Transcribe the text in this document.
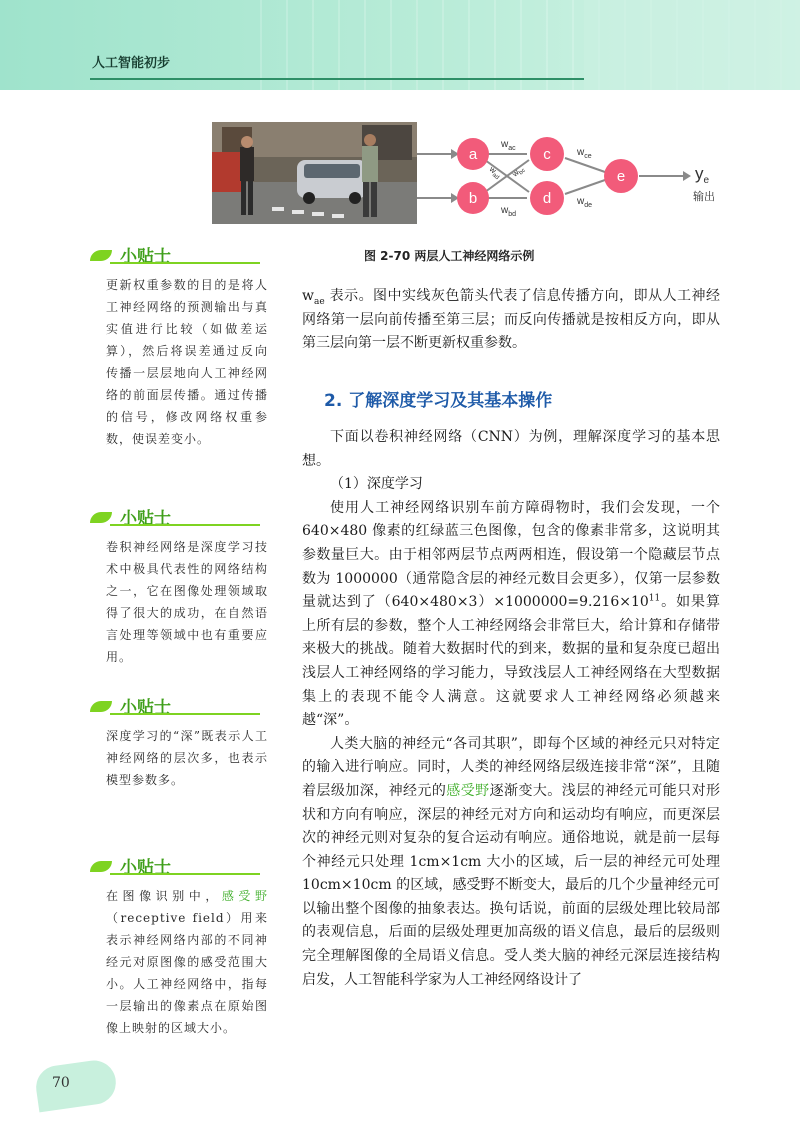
人工智能初步
a
b
c
d
e
$w_{ac}$
$w_{bd}$
$w_{ad}$	$w_{bc}$
$w_{ce}$
$w_{de}$
$y_e$
输出
图 2-70 两层人工神经网络示例
小贴士
更新权重参数的目的是将人工神经网络的预测输出与真实值进行比较（如做差运算），然后将误差通过反向传播一层层地向人工神经网络的前面层传播。通过传播的信号，修改网络权重参数，使误差变小。
小贴士
卷积神经网络是深度学习技术中极具代表性的网络结构之一，它在图像处理领域取得了很大的成功，在自然语言处理等领域中也有重要应用。
小贴士
深度学习的“深”既表示人工神经网络的层次多，也表示模型参数多。
小贴士
在图像识别中，感受野（receptive field）用来表示神经网络内部的不同神经元对原图像的感受范围大小。人工神经网络中，指每一层输出的像素点在原始图像上映射的区域大小。

$w_{ae}$ 表示。图中实线灰色箭头代表了信息传播方向，即从人工神经网络第一层向前传播至第三层；而反向传播就是按相反方向，即从第三层向第一层不断更新权重参数。

2. 了解深度学习及其基本操作

下面以卷积神经网络（CNN）为例，理解深度学习的基本思想。

（1）深度学习

使用人工神经网络识别车前方障碍物时，我们会发现，一个 640×480 像素的红绿蓝三色图像，包含的像素非常多，这说明其参数量巨大。由于相邻两层节点两两相连，假设第一个隐藏层节点数为 1000000（通常隐含层的神经元数目会更多），仅第一层参数量就达到了$(640\times 480\times 3)\times 1000000=9.216\times 10^{11}$。如果算上所有层的参数，整个人工神经网络会非常巨大，给计算和存储带来极大的挑战。随着大数据时代的到来，数据的量和复杂度已超出浅层人工神经网络的学习能力，导致浅层人工神经网络在大型数据集上的表现不能令人满意。这就要求人工神经网络必须越来越“深”。

人类大脑的神经元“各司其职”，即每个区域的神经元只对特定的输入进行响应。同时，人类的神经网络层级连接非常“深”，且随着层级加深，神经元的感受野逐渐变大。浅层的神经元可能只对形状和方向有响应，深层的神经元对方向和运动均有响应，而更深层次的神经元则对复杂的复合运动有响应。通俗地说，就是前一层每个神经元只处理 1cm×1cm 大小的区域，后一层的神经元可处理 10cm×10cm 的区域，感受野不断变大，最后的几个少量神经元可以输出整个图像的抽象表达。换句话说，前面的层级处理比较局部的表观信息，后面的层级处理更加高级的语义信息，最后的层级则完全理解图像的全局语义信息。受人类大脑的神经元深层连接结构启发，人工智能科学家为人工神经网络设计了

70
